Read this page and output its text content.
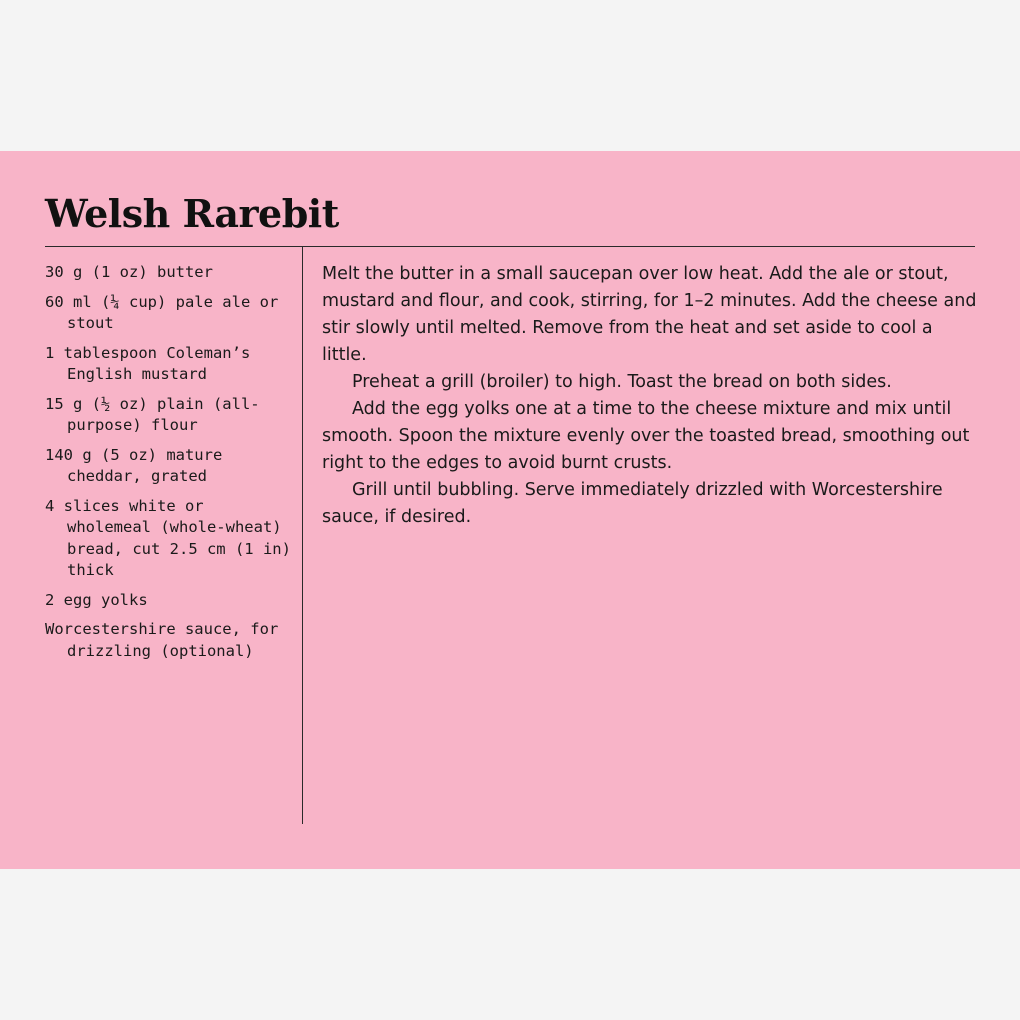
Welsh Rarebit
30 g (1 oz) butter
60 ml (¼ cup) pale ale or stout
1 tablespoon Coleman’s English mustard
15 g (½ oz) plain (all-purpose) flour
140 g (5 oz) mature cheddar, grated
4 slices white or wholemeal (whole-wheat) bread, cut 2.5 cm (1 in) thick
2 egg yolks
Worcestershire sauce, for drizzling (optional)

Melt the butter in a small saucepan over low heat. Add the ale or stout, mustard and flour, and cook, stirring, for 1–2 minutes. Add the cheese and stir slowly until melted. Remove from the heat and set aside to cool a little.

Preheat a grill (broiler) to high. Toast the bread on both sides.

Add the egg yolks one at a time to the cheese mixture and mix until smooth. Spoon the mixture evenly over the toasted bread, smoothing out right to the edges to avoid burnt crusts.

Grill until bubbling. Serve immediately drizzled with Worcestershire sauce, if desired.
